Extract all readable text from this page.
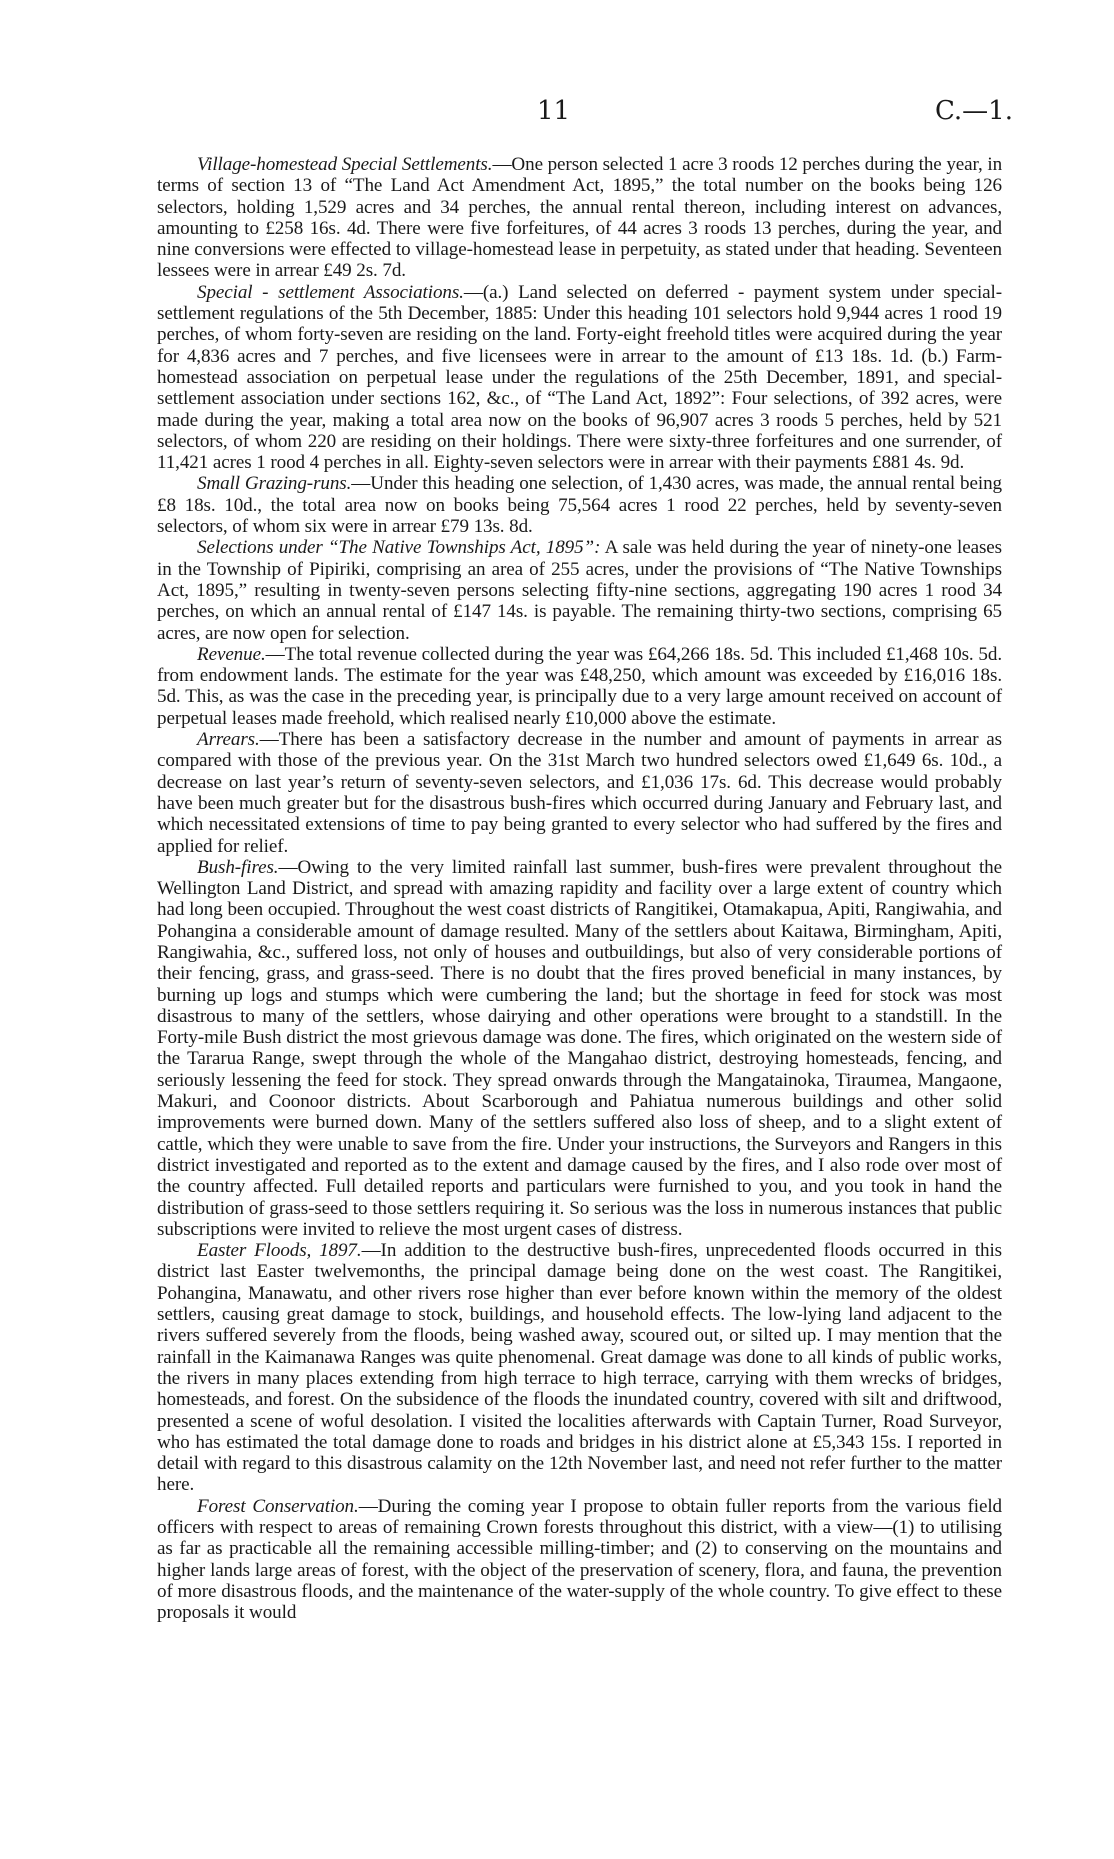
11	C.—1.

Village-homestead Special Settlements.—One person selected 1 acre 3 roods 12 perches during the year, in terms of section 13 of “The Land Act Amendment Act, 1895,” the total number on the books being 126 selectors, holding 1,529 acres and 34 perches, the annual rental thereon, including interest on advances, amounting to £258 16s. 4d. There were five forfeitures, of 44 acres 3 roods 13 perches, during the year, and nine conversions were effected to village-homestead lease in perpetuity, as stated under that heading. Seventeen lessees were in arrear £49 2s. 7d.

Special - settlement Associations.—(a.) Land selected on deferred - payment system under special-settlement regulations of the 5th December, 1885: Under this heading 101 selectors hold 9,944 acres 1 rood 19 perches, of whom forty-seven are residing on the land. Forty-eight freehold titles were acquired during the year for 4,836 acres and 7 perches, and five licensees were in arrear to the amount of £13 18s. 1d. (b.) Farm-homestead association on perpetual lease under the regulations of the 25th December, 1891, and special-settlement association under sections 162, &c., of “The Land Act, 1892”: Four selections, of 392 acres, were made during the year, making a total area now on the books of 96,907 acres 3 roods 5 perches, held by 521 selectors, of whom 220 are residing on their holdings. There were sixty-three forfeitures and one surrender, of 11,421 acres 1 rood 4 perches in all. Eighty-seven selectors were in arrear with their payments £881 4s. 9d.

Small Grazing-runs.—Under this heading one selection, of 1,430 acres, was made, the annual rental being £8 18s. 10d., the total area now on books being 75,564 acres 1 rood 22 perches, held by seventy-seven selectors, of whom six were in arrear £79 13s. 8d.

Selections under “The Native Townships Act, 1895”: A sale was held during the year of ninety-one leases in the Township of Pipiriki, comprising an area of 255 acres, under the provisions of “The Native Townships Act, 1895,” resulting in twenty-seven persons selecting fifty-nine sections, aggregating 190 acres 1 rood 34 perches, on which an annual rental of £147 14s. is payable. The remaining thirty-two sections, comprising 65 acres, are now open for selection.

Revenue.—The total revenue collected during the year was £64,266 18s. 5d. This included £1,468 10s. 5d. from endowment lands. The estimate for the year was £48,250, which amount was exceeded by £16,016 18s. 5d. This, as was the case in the preceding year, is principally due to a very large amount received on account of perpetual leases made freehold, which realised nearly £10,000 above the estimate.

Arrears.—There has been a satisfactory decrease in the number and amount of payments in arrear as compared with those of the previous year. On the 31st March two hundred selectors owed £1,649 6s. 10d., a decrease on last year’s return of seventy-seven selectors, and £1,036 17s. 6d. This decrease would probably have been much greater but for the disastrous bush-fires which occurred during January and February last, and which necessitated extensions of time to pay being granted to every selector who had suffered by the fires and applied for relief.

Bush-fires.—Owing to the very limited rainfall last summer, bush-fires were prevalent throughout the Wellington Land District, and spread with amazing rapidity and facility over a large extent of country which had long been occupied. Throughout the west coast districts of Rangitikei, Otamakapua, Apiti, Rangiwahia, and Pohangina a considerable amount of damage resulted. Many of the settlers about Kaitawa, Birmingham, Apiti, Rangiwahia, &c., suffered loss, not only of houses and outbuildings, but also of very considerable portions of their fencing, grass, and grass-seed. There is no doubt that the fires proved beneficial in many instances, by burning up logs and stumps which were cumbering the land; but the shortage in feed for stock was most disastrous to many of the settlers, whose dairying and other operations were brought to a standstill. In the Forty-mile Bush district the most grievous damage was done. The fires, which originated on the western side of the Tararua Range, swept through the whole of the Mangahao district, destroying homesteads, fencing, and seriously lessening the feed for stock. They spread onwards through the Mangatainoka, Tiraumea, Mangaone, Makuri, and Coonoor districts. About Scarborough and Pahiatua numerous buildings and other solid improvements were burned down. Many of the settlers suffered also loss of sheep, and to a slight extent of cattle, which they were unable to save from the fire. Under your instructions, the Surveyors and Rangers in this district investigated and reported as to the extent and damage caused by the fires, and I also rode over most of the country affected. Full detailed reports and particulars were furnished to you, and you took in hand the distribution of grass-seed to those settlers requiring it. So serious was the loss in numerous instances that public subscriptions were invited to relieve the most urgent cases of distress.

Easter Floods, 1897.—In addition to the destructive bush-fires, unprecedented floods occurred in this district last Easter twelvemonths, the principal damage being done on the west coast. The Rangitikei, Pohangina, Manawatu, and other rivers rose higher than ever before known within the memory of the oldest settlers, causing great damage to stock, buildings, and household effects. The low-lying land adjacent to the rivers suffered severely from the floods, being washed away, scoured out, or silted up. I may mention that the rainfall in the Kaimanawa Ranges was quite phenomenal. Great damage was done to all kinds of public works, the rivers in many places extending from high terrace to high terrace, carrying with them wrecks of bridges, homesteads, and forest. On the subsidence of the floods the inundated country, covered with silt and driftwood, presented a scene of woful desolation. I visited the localities afterwards with Captain Turner, Road Surveyor, who has estimated the total damage done to roads and bridges in his district alone at £5,343 15s. I reported in detail with regard to this disastrous calamity on the 12th November last, and need not refer further to the matter here.

Forest Conservation.—During the coming year I propose to obtain fuller reports from the various field officers with respect to areas of remaining Crown forests throughout this district, with a view—(1) to utilising as far as practicable all the remaining accessible milling-timber; and (2) to conserving on the mountains and higher lands large areas of forest, with the object of the preservation of scenery, flora, and fauna, the prevention of more disastrous floods, and the maintenance of the water-supply of the whole country. To give effect to these proposals it would
